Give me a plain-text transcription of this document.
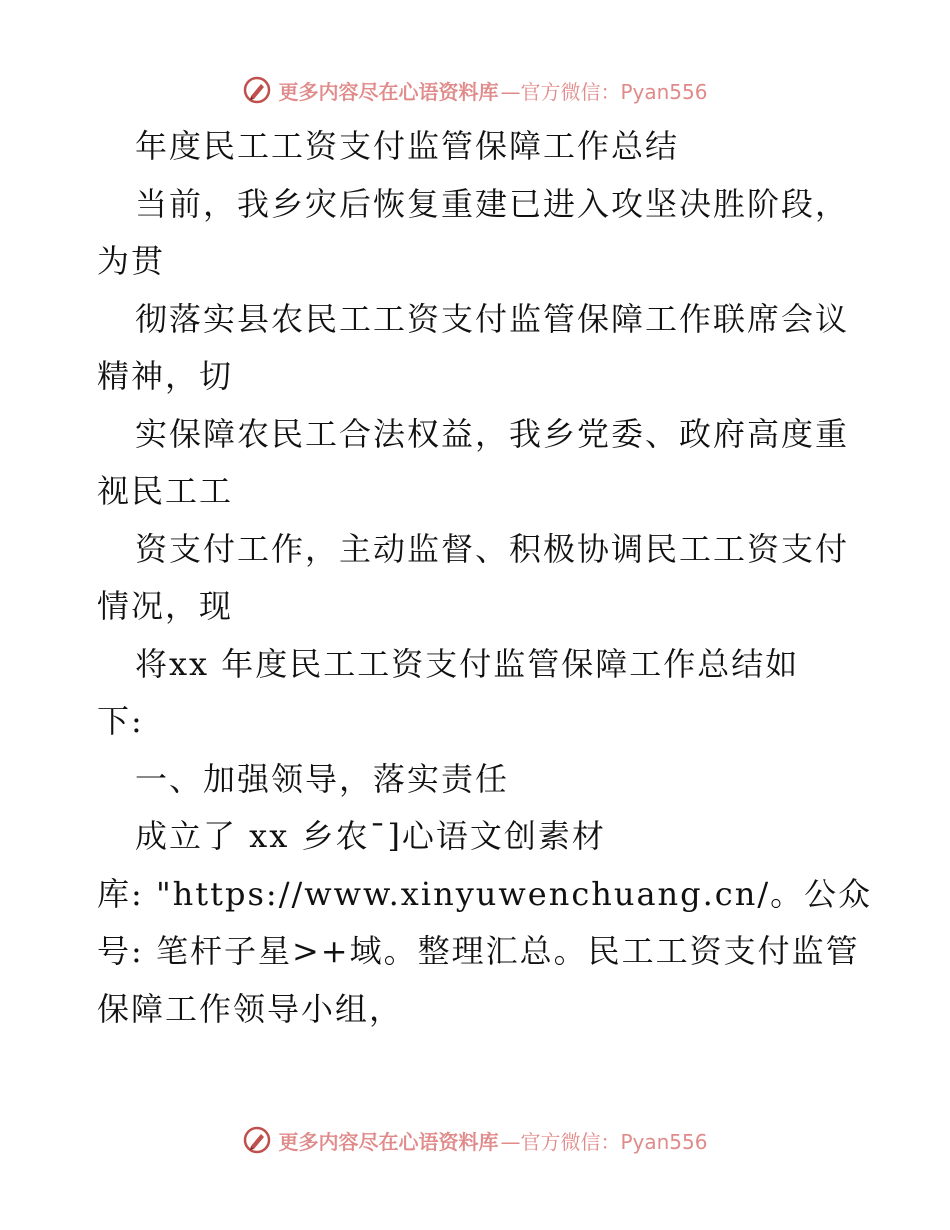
更多内容尽在心语资料库 —官方微信：Pyan556
年度民工工资支付监管保障工作总结
当前，我乡灾后恢复重建已进入攻坚决胜阶段，
为贯
彻落实县农民工工资支付监管保障工作联席会议
精神，切
实保障农民工合法权益，我乡党委、政府高度重
视民工工
资支付工作，主动监督、积极协调民工工资支付
情况，现
将xx 年度民工工资支付监管保障工作总结如
下:
一、加强领导，落实责任
成立了 xx 乡农¯]心语文创素材
库: "https://www.xinyuwenchuang.cn/。公众
号: 笔杆子星>+域。整理汇总。民工工资支付监管
保障工作领导小组，
更多内容尽在心语资料库 —官方微信：Pyan556
